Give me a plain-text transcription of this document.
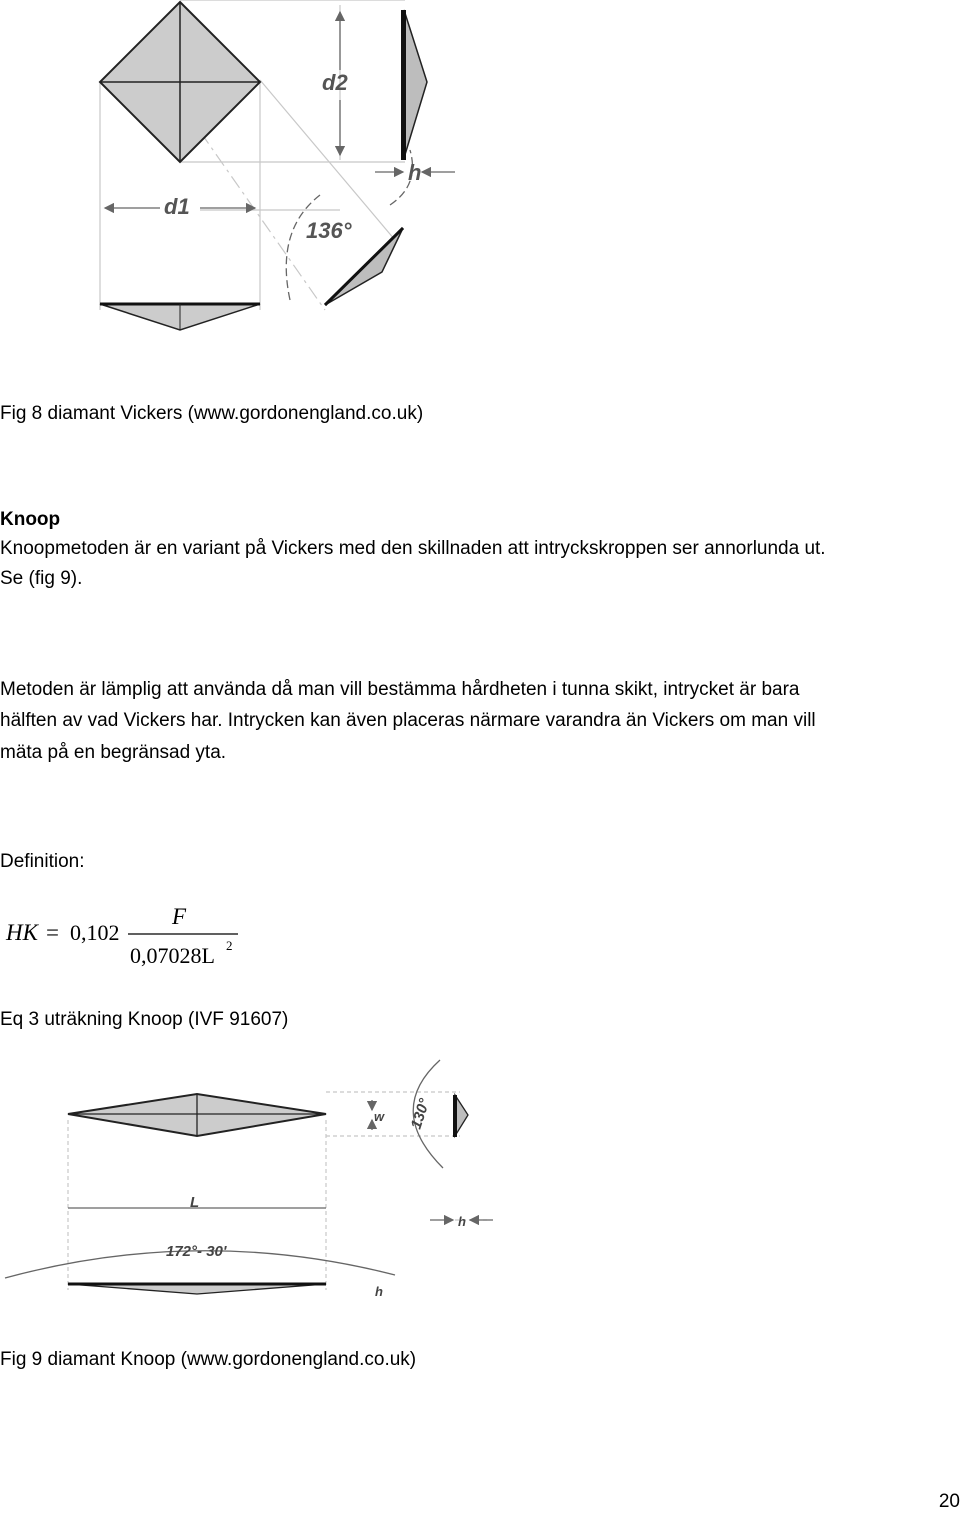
d2
h
d1
136°
Fig 8 diamant Vickers (www.gordonengland.co.uk)
Knoop
Knoopmetoden är en variant på Vickers med den skillnaden att intryckskroppen ser annorlunda ut.
Se (fig 9).
Metoden är lämplig att använda då man vill bestämma hårdheten i tunna skikt, intrycket är bara
hälften av vad Vickers har. Intrycken kan även placeras närmare varandra än Vickers om man vill
mäta på en begränsad yta.
Definition:
HK = 0,102
F
0,07028L 2
Eq 3 uträkning Knoop (IVF 91607)
w 130°
L
h
172°- 30'
h
Fig 9 diamant Knoop (www.gordonengland.co.uk)
20
